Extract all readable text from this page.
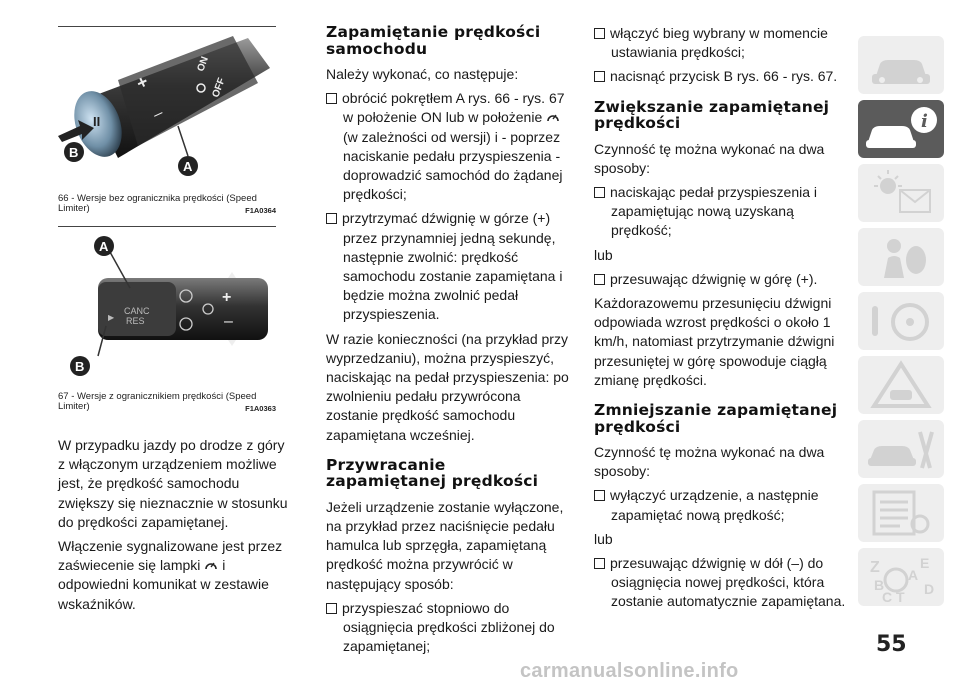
II
+
–
ON
OFF
B
A
66 - Wersje bez ogranicznika prędkości (Speed Limiter)	F1A0364
CANC
RES
▶
+
–
A
B
67 - Wersje z ogranicznikiem prędkości (Speed Limiter)	F1A0363

W przypadku jazdy po drodze z góry z włączonym urządzeniem możliwe jest, że prędkość samochodu zwiększy się nieznacznie w stosunku do prędkości zapamiętanej.

Włączenie sygnalizowane jest przez zaświecenie się lampki i odpowiedni komunikat w zestawie wskaźników.

Zapamiętanie prędkości samochodu

Należy wykonać, co następuje:

obrócić pokrętłem A rys. 66 - rys. 67 w położenie ON lub w położenie  (w zależności od wersji) i - poprzez naciskanie pedału przyspieszenia - doprowadzić samochód do żądanej prędkości;
przytrzymać dźwignię w górze (+) przez przynamniej jedną sekundę, następnie zwolnić: prędkość samochodu zostanie zapamiętana i będzie można zwolnić pedał przyspieszenia.

W razie konieczności (na przykład przy wyprzedzaniu), można przyspieszyć, naciskając na pedał przyspieszenia: po zwolnieniu pedału przywrócona zostanie prędkość samochodu zapamiętana wcześniej.

Przywracanie zapamiętanej prędkości

Jeżeli urządzenie zostanie wyłączone, na przykład przez naciśnięcie pedału hamulca lub sprzęgła, zapamiętaną prędkość można przywrócić w następujący sposób:

przyspieszać stopniowo do osiągnięcia prędkości zbliżonej do zapamiętanej;
włączyć bieg wybrany w momencie ustawiania prędkości;
nacisnąć przycisk B rys. 66 - rys. 67.
Zwiększanie zapamiętanej prędkości

Czynność tę można wykonać na dwa sposoby:

naciskając pedał przyspieszenia i zapamiętując nową uzyskaną prędkość;

lub

przesuwając dźwignię w górę (+).

Każdorazowemu przesunięciu dźwigni odpowiada wzrost prędkości o około 1 km/h, natomiast przytrzymanie dźwigni przesuniętej w górę spowoduje ciągłą zmianę prędkości.

Zmniejszanie zapamiętanej prędkości

Czynność tę można wykonać na dwa sposoby:

wyłączyć urządzenie, a następnie zapamiętać nową prędkość;

lub

przesuwając dźwignię w dół (–) do osiągnięcia nowej prędkości, która zostanie automatycznie zapamiętana.
i
Z	E
A
B
C T D
55
carmanualsonline.info
